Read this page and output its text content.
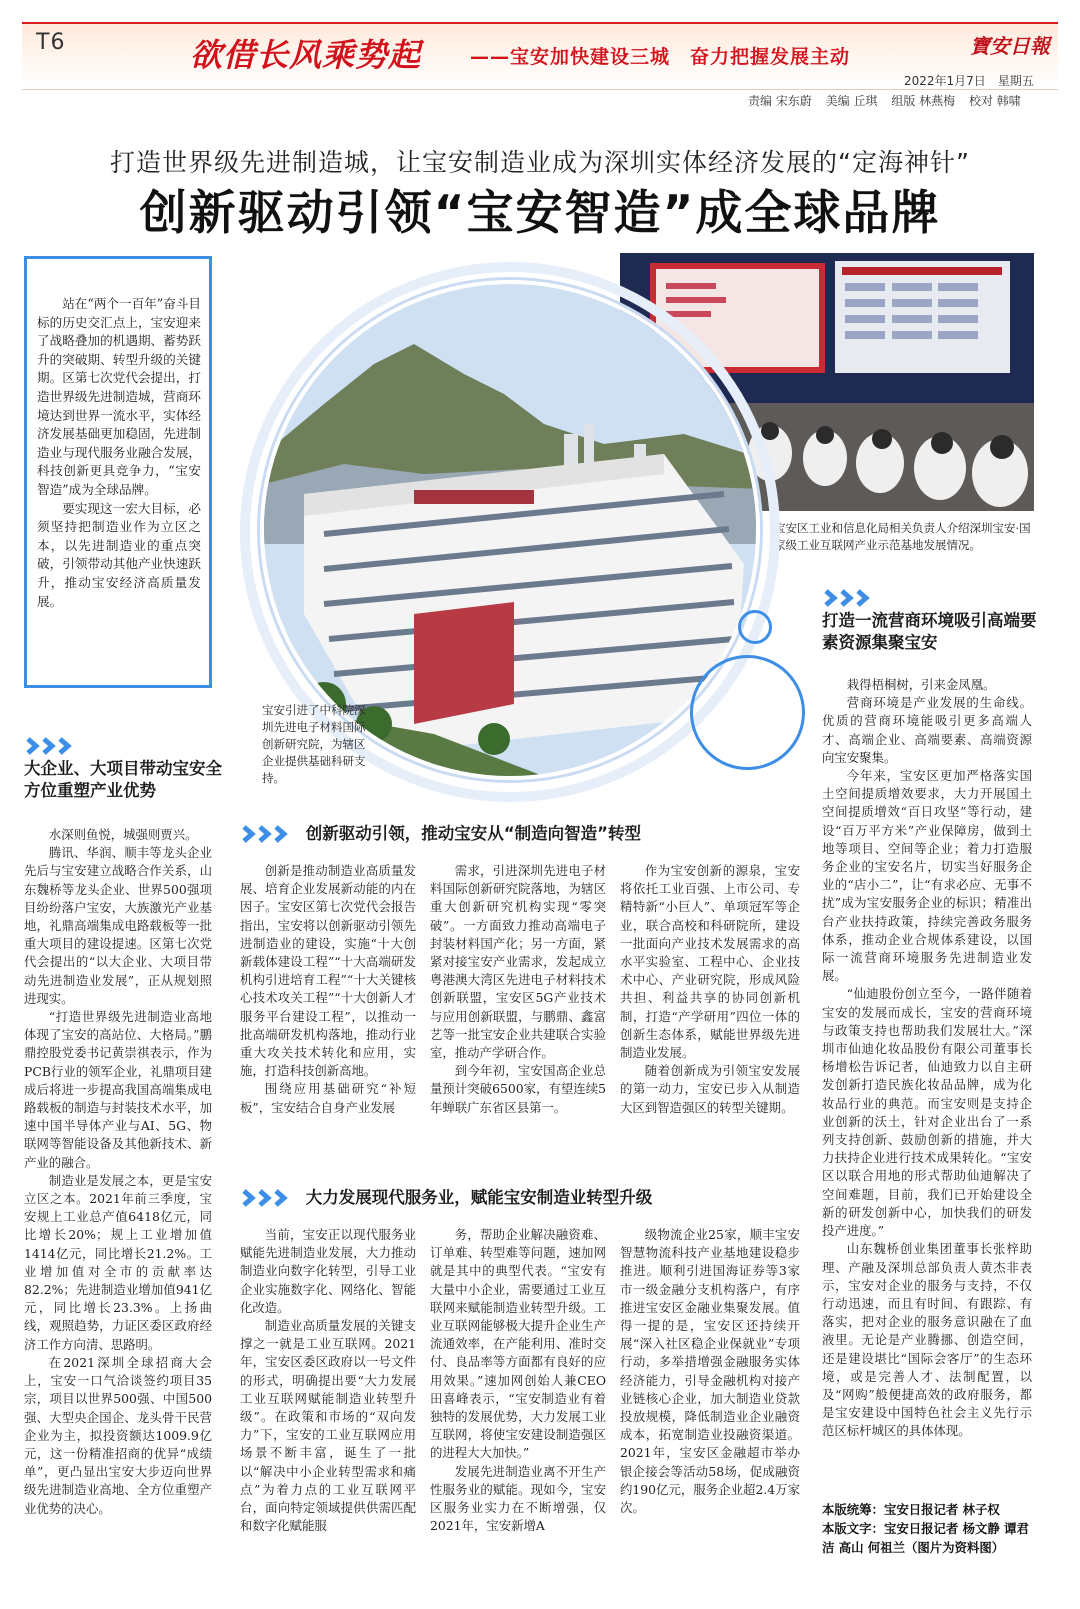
T6	欲借长风乘势起	——宝安加快建设三城　奋力把握发展主动	寶安日報
2022年1月7日　星期五
责编 宋东蔚 美编 丘琪 组版 林燕梅 校对 韩啸
打造世界级先进制造城，让宝安制造业成为深圳实体经济发展的“定海神针”
创新驱动引领“宝安智造”成全球品牌

站在“两个一百年”奋斗目标的历史交汇点上，宝安迎来了战略叠加的机遇期、蓄势跃升的突破期、转型升级的关键期。区第七次党代会提出，打造世界级先进制造城，营商环境达到世界一流水平，实体经济发展基础更加稳固，先进制造业与现代服务业融合发展，科技创新更具竞争力，“宝安智造”成为全球品牌。

要实现这一宏大目标，必须坚持把制造业作为立区之本，以先进制造业的重点突破，引领带动其他产业快速跃升，推动宝安经济高质量发展。

宝安区工业和信息化局相关负责人介绍深圳宝安·国家级工业互联网产业示范基地发展情况。
宝安引进了中科院深圳先进电子材料国际创新研究院，为辖区企业提供基础科研支持。
大企业、大项目带动宝安全方位重塑产业优势
打造一流营商环境吸引高端要素资源集聚宝安
创新驱动引领，推动宝安从“制造向智造”转型
大力发展现代服务业，赋能宝安制造业转型升级

水深则鱼悦，城强则贾兴。

腾讯、华润、顺丰等龙头企业先后与宝安建立战略合作关系，山东魏桥等龙头企业、世界500强项目纷纷落户宝安，大族激光产业基地，礼鼎高端集成电路载板等一批重大项目的建设提速。区第七次党代会提出的“以大企业、大项目带动先进制造业发展”，正从规划照进现实。

“打造世界级先进制造业高地体现了宝安的高站位、大格局。”鹏鼎控股党委书记黄崇祺表示，作为PCB行业的领军企业，礼鼎项目建成后将进一步提高我国高端集成电路载板的制造与封装技术水平，加速中国半导体产业与AI、5G、物联网等智能设备及其他新技术、新产业的融合。

制造业是发展之本，更是宝安立区之本。2021年前三季度，宝安规上工业总产值6418亿元，同比增长20%；规上工业增加值1414亿元，同比增长21.2%。工业增加值对全市的贡献率达82.2%；先进制造业增加值941亿元，同比增长23.3%。上扬曲线，观照趋势，力证区委区政府经济工作方向清、思路明。

在2021深圳全球招商大会上，宝安一口气洽谈签约项目35宗，项目以世界500强、中国500强、大型央企国企、龙头骨干民营企业为主，拟投资额达1009.9亿元，这一份精准招商的优异“成绩单”，更凸显出宝安大步迈向世界级先进制造业高地、全方位重塑产业优势的决心。

创新是推动制造业高质量发展、培育企业发展新动能的内在因子。宝安区第七次党代会报告指出，宝安将以创新驱动引领先进制造业的建设，实施“十大创新载体建设工程”“十大高端研发机构引进培育工程”“十大关键核心技术攻关工程”“十大创新人才服务平台建设工程”，以推动一批高端研发机构落地，推动行业重大攻关技术转化和应用，实施，打造科技创新高地。

围绕应用基础研究“补短板”，宝安结合自身产业发展

需求，引进深圳先进电子材料国际创新研究院落地，为辖区重大创新研究机构实现“零突破”。一方面致力推动高端电子封装材料国产化；另一方面，紧紧对接宝安产业需求，发起成立粤港澳大湾区先进电子材料技术创新联盟，宝安区5G产业技术与应用创新联盟，与鹏鼎、鑫富艺等一批宝安企业共建联合实验室，推动产学研合作。

到今年初，宝安国高企业总量预计突破6500家，有望连续5年蝉联广东省区县第一。

作为宝安创新的源泉，宝安将依托工业百强、上市公司、专精特新“小巨人”、单项冠军等企业，联合高校和科研院所，建设一批面向产业技术发展需求的高水平实验室、工程中心、企业技术中心、产业研究院，形成风险共担、利益共享的协同创新机制，打造“产学研用”四位一体的创新生态体系，赋能世界级先进制造业发展。

随着创新成为引领宝安发展的第一动力，宝安已步入从制造大区到智造强区的转型关键期。

当前，宝安正以现代服务业赋能先进制造业发展，大力推动制造业向数字化转型，引导工业企业实施数字化、网络化、智能化改造。

制造业高质量发展的关键支撑之一就是工业互联网。2021年，宝安区委区政府以一号文件的形式，明确提出要“大力发展工业互联网赋能制造业转型升级”。在政策和市场的“双向发力”下，宝安的工业互联网应用场景不断丰富，诞生了一批以“解决中小企业转型需求和痛点”为着力点的工业互联网平台，面向特定领域提供供需匹配和数字化赋能服

务，帮助企业解决融资难、订单难、转型难等问题，速加网就是其中的典型代表。“宝安有大量中小企业，需要通过工业互联网来赋能制造业转型升级。工业互联网能够极大提升企业生产流通效率，在产能利用、准时交付、良品率等方面都有良好的应用效果。”速加网创始人兼CEO田喜峰表示，“宝安制造业有着独特的发展优势，大力发展工业互联网，将使宝安建设制造强区的进程大大加快。”

发展先进制造业离不开生产性服务业的赋能。现如今，宝安区服务业实力在不断增强，仅2021年，宝安新增A

级物流企业25家，顺丰宝安智慧物流科技产业基地建设稳步推进。顺利引进国海证券等3家市一级金融分支机构落户，有序推进宝安区金融业集聚发展。值得一提的是，宝安区还持续开展“深入社区稳企业保就业”专项行动，多举措增强金融服务实体经济能力，引导金融机构对接产业链核心企业，加大制造业贷款投放规模，降低制造业企业融资成本，拓宽制造业投融资渠道。2021年，宝安区金融超市举办银企接会等活动58场，促成融资约190亿元，服务企业超2.4万家次。

栽得梧桐树，引来金凤凰。

营商环境是产业发展的生命线。优质的营商环境能吸引更多高端人才、高端企业、高端要素、高端资源向宝安聚集。

今年来，宝安区更加严格落实国土空间提质增效要求，大力开展国土空间提质增效“百日攻坚”等行动，建设“百万平方米”产业保障房，做到土地等项目、空间等企业；着力打造服务企业的宝安名片，切实当好服务企业的“店小二”，让“有求必应、无事不扰”成为宝安服务企业的标识；精准出台产业扶持政策，持续完善政务服务体系，推动企业合规体系建设，以国际一流营商环境服务先进制造业发展。

“仙迪股份创立至今，一路伴随着宝安的发展而成长，宝安的营商环境与政策支持也帮助我们发展壮大。”深圳市仙迪化妆品股份有限公司董事长杨增松告诉记者，仙迪致力以自主研发创新打造民族化妆品品牌，成为化妆品行业的典范。而宝安则是支持企业创新的沃土，针对企业出台了一系列支持创新、鼓励创新的措施，并大力扶持企业进行技术成果转化。“宝安区以联合用地的形式帮助仙迪解决了空间难题，目前，我们已开始建设全新的研发创新中心，加快我们的研发投产进度。”

山东魏桥创业集团董事长张梓助理、产融及深圳总部负责人黄杰非表示，宝安对企业的服务与支持，不仅行动迅速，而且有时间、有跟踪、有落实，把对企业的服务意识融在了血液里。无论是产业腾挪、创造空间，还是建设堪比“国际会客厅”的生态环境，或是完善人才、法制配置，以及“网购”般便捷高效的政府服务，都是宝安建设中国特色社会主义先行示范区标杆城区的具体体现。

本版统筹：宝安日报记者 林子权
本版文字：宝安日报记者 杨文静 谭君洁 高山 何祖兰（图片为资料图）
